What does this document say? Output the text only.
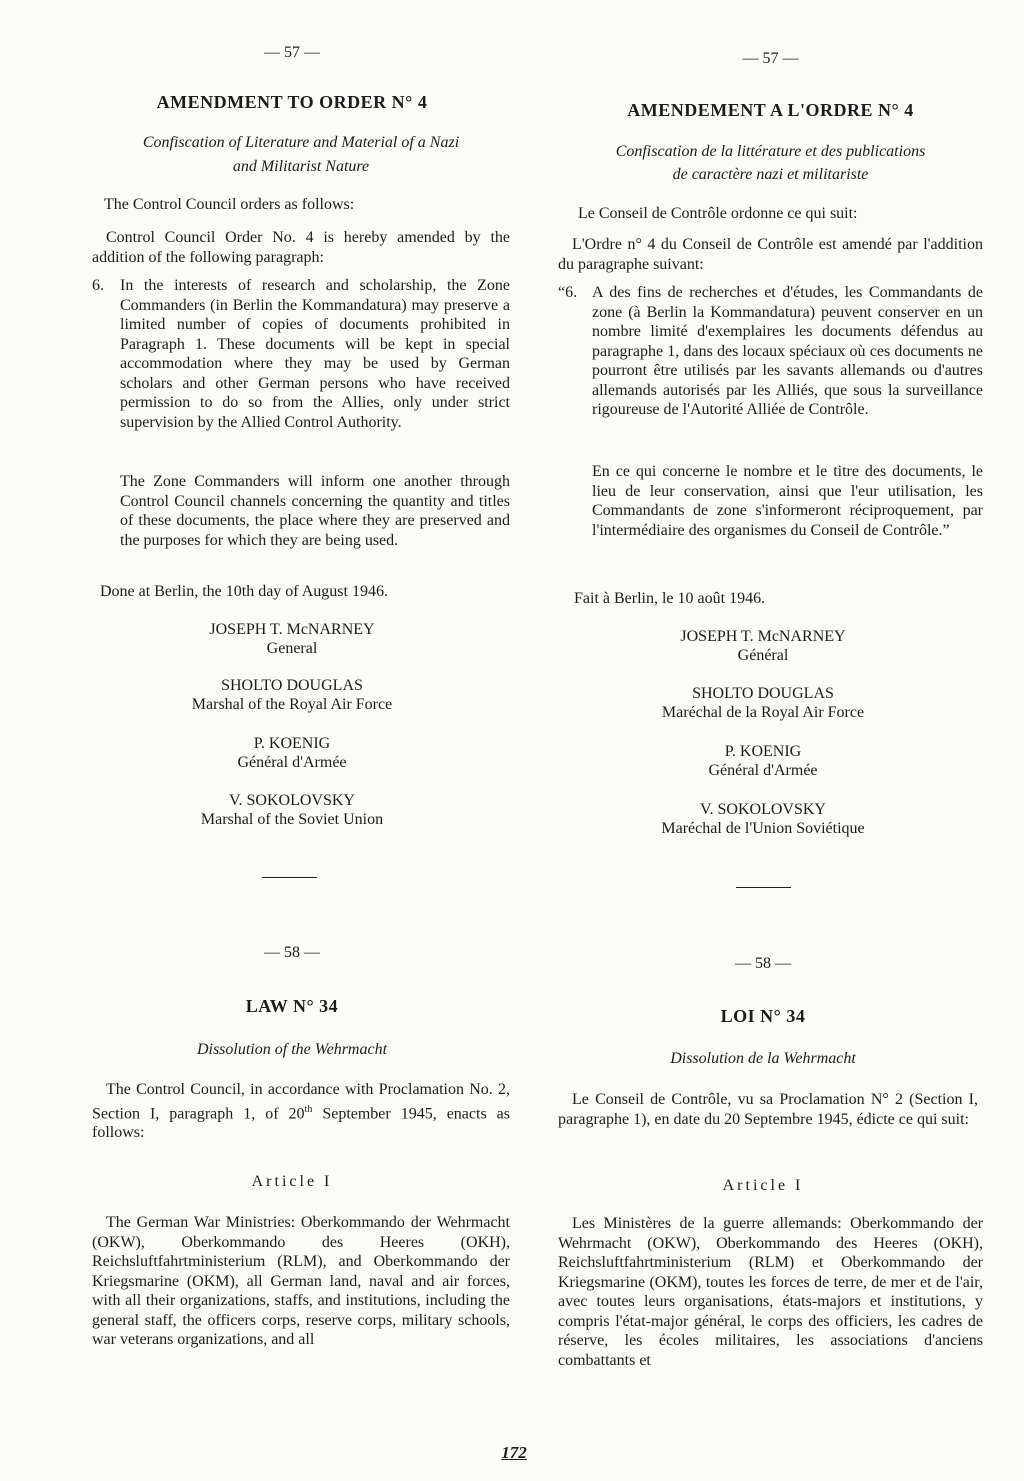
— 57 —
AMENDMENT TO ORDER N° 4
Confiscation of Literature and Material of a Nazi
and Militarist Nature
The Control Council orders as follows:
Control Council Order No. 4 is hereby amended by the addition of the following paragraph:
6. In the interests of research and scholarship, the Zone Commanders (in Berlin the Kommandatura) may preserve a limited number of copies of documents prohibited in Paragraph 1. These documents will be kept in special accommodation where they may be used by German scholars and other German persons who have received permission to do so from the Allies, only under strict supervision by the Allied Control Authority.
The Zone Commanders will inform one another through Control Council channels concerning the quantity and titles of these documents, the place where they are preserved and the purposes for which they are being used.
Done at Berlin, the 10th day of August 1946.
JOSEPH T. McNARNEY
General
SHOLTO DOUGLAS
Marshal of the Royal Air Force
P. KOENIG
Général d'Armée
V. SOKOLOVSKY
Marshal of the Soviet Union
— 58 —
LAW N° 34
Dissolution of the Wehrmacht
The Control Council, in accordance with Proclamation No. 2, Section I, paragraph 1, of 20th September 1945, enacts as follows:
Article I
The German War Ministries: Oberkommando der Wehrmacht (OKW), Oberkommando des Heeres (OKH), Reichsluftfahrtministerium (RLM), and Oberkommando der Kriegsmarine (OKM), all German land, naval and air forces, with all their organizations, staffs, and institutions, including the general staff, the officers corps, reserve corps, military schools, war veterans organizations, and all
— 57 —
AMENDEMENT A L'ORDRE N° 4
Confiscation de la littérature et des publications
de caractère nazi et militariste
Le Conseil de Contrôle ordonne ce qui suit:
L'Ordre n° 4 du Conseil de Contrôle est amendé par l'addition du paragraphe suivant:
“6. A des fins de recherches et d'études, les Commandants de zone (à Berlin la Kommandatura) peuvent conserver en un nombre limité d'exemplaires les documents défendus au paragraphe 1, dans des locaux spéciaux où ces documents ne pourront être utilisés par les savants allemands ou d'autres allemands autorisés par les Alliés, que sous la surveillance rigoureuse de l'Autorité Alliée de Contrôle.
En ce qui concerne le nombre et le titre des documents, le lieu de leur conservation, ainsi que l'eur utilisation, les Commandants de zone s'informeront réciproquement, par l'intermédiaire des organismes du Conseil de Contrôle.”
Fait à Berlin, le 10 août 1946.
JOSEPH T. McNARNEY
Général
SHOLTO DOUGLAS
Maréchal de la Royal Air Force
P. KOENIG
Général d'Armée
V. SOKOLOVSKY
Maréchal de l'Union Soviétique
— 58 —
LOI N° 34
Dissolution de la Wehrmacht
Le Conseil de Contrôle, vu sa Proclamation N° 2 (Section I, paragraphe 1), en date du 20 Septembre 1945, édicte ce qui suit:
Article I
Les Ministères de la guerre allemands: Oberkommando der Wehrmacht (OKW), Oberkommando des Heeres (OKH), Reichsluftfahrtministerium (RLM) et Oberkommando der Kriegsmarine (OKM), toutes les forces de terre, de mer et de l'air, avec toutes leurs organisations, états-majors et institutions, y compris l'état-major général, le corps des officiers, les cadres de réserve, les écoles militaires, les associations d'anciens combattants et
172
